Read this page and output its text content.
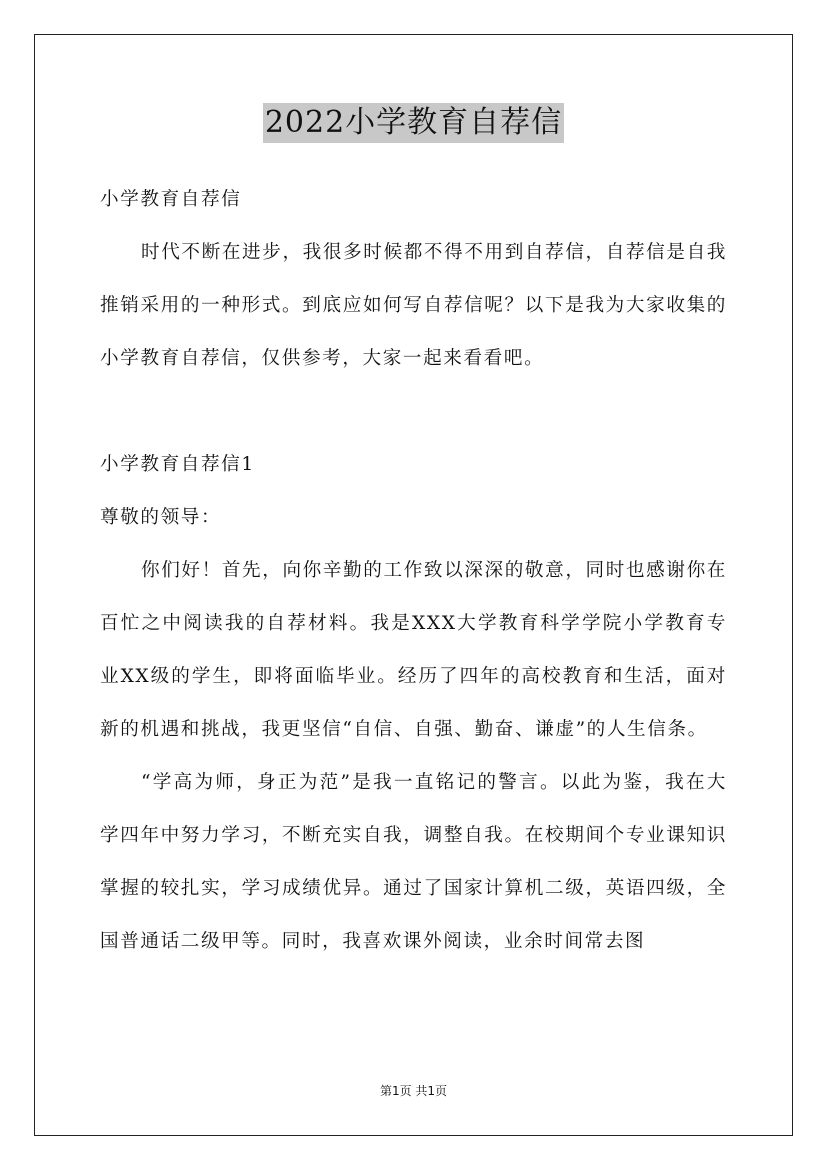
2022小学教育自荐信

小学教育自荐信

时代不断在进步，我很多时候都不得不用到自荐信，自荐信是自我推销采用的一种形式。到底应如何写自荐信呢？以下是我为大家收集的小学教育自荐信，仅供参考，大家一起来看看吧。

小学教育自荐信1

尊敬的领导：

你们好！首先，向你辛勤的工作致以深深的敬意，同时也感谢你在百忙之中阅读我的自荐材料。我是XXX大学教育科学学院小学教育专业XX级的学生，即将面临毕业。经历了四年的高校教育和生活，面对新的机遇和挑战，我更坚信“自信、自强、勤奋、谦虚”的人生信条。

“学高为师，身正为范”是我一直铭记的警言。以此为鉴，我在大学四年中努力学习，不断充实自我，调整自我。在校期间个专业课知识掌握的较扎实，学习成绩优异。通过了国家计算机二级，英语四级，全国普通话二级甲等。同时，我喜欢课外阅读，业余时间常去图

第1页 共1页
